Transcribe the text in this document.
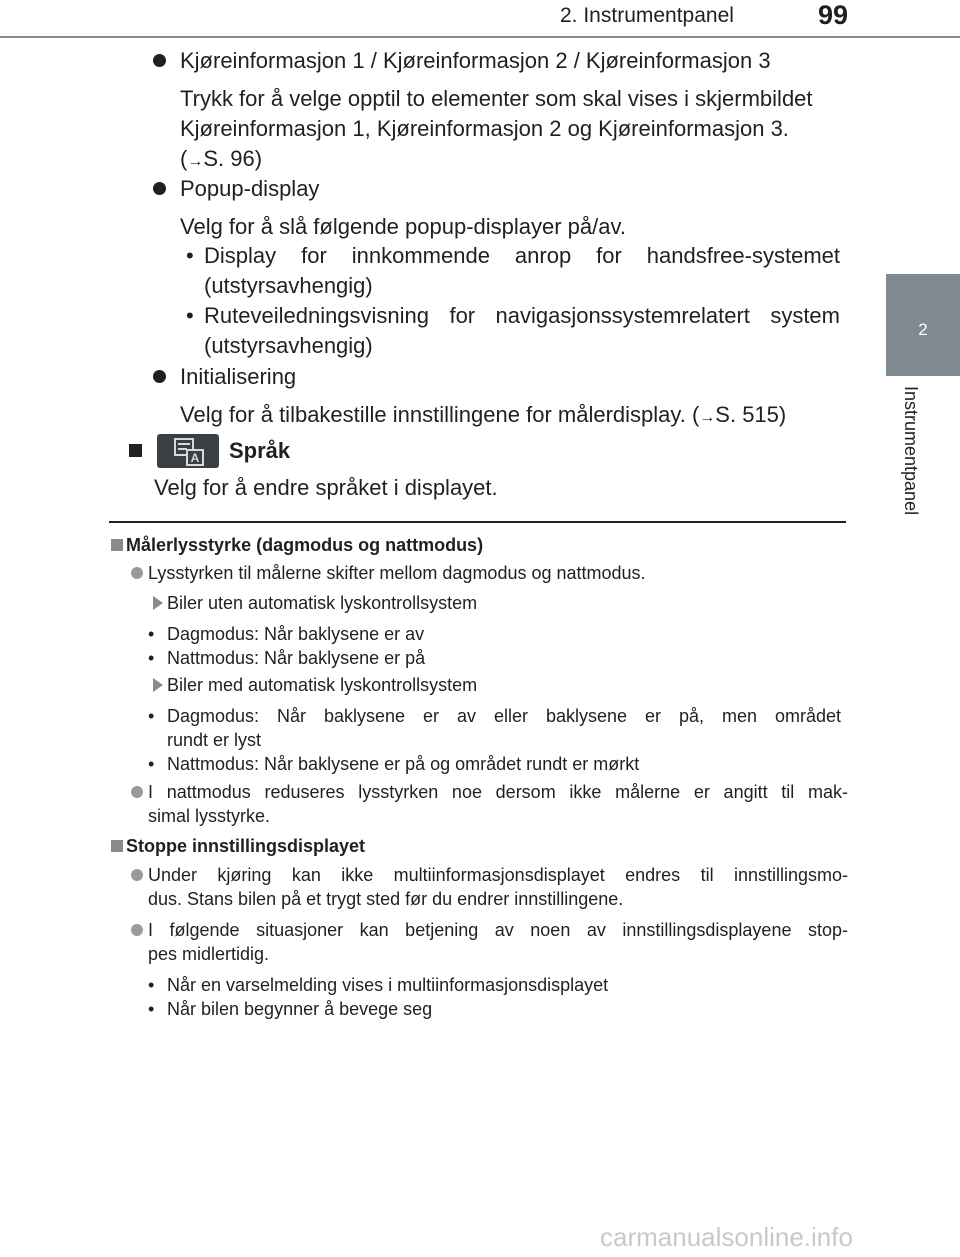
2. Instrumentpanel	99
2
Instrumentpanel
Kjøreinformasjon 1 / Kjøreinformasjon 2 / Kjøreinformasjon 3
Trykk for å velge opptil to elementer som skal vises i skjermbildet
Kjøreinformasjon 1, Kjøreinformasjon 2 og Kjøreinformasjon 3.
(→S. 96)
Popup-display
Velg for å slå følgende popup-displayer på/av.
• Display for innkommende anrop for handsfree-systemet
(utstyrsavhengig)
• Ruteveiledningsvisning for navigasjonssystemrelatert system
(utstyrsavhengig)
Initialisering
Velg for å tilbakestille innstillingene for målerdisplay. (→S. 515)
A Språk
Velg for å endre språket i displayet.
Målerlysstyrke (dagmodus og nattmodus)
Lysstyrken til målerne skifter mellom dagmodus og nattmodus.
Biler uten automatisk lyskontrollsystem
• Dagmodus: Når baklysene er av
• Nattmodus: Når baklysene er på
Biler med automatisk lyskontrollsystem
• Dagmodus: Når baklysene er av eller baklysene er på, men området
rundt er lyst
• Nattmodus: Når baklysene er på og området rundt er mørkt
I nattmodus reduseres lysstyrken noe dersom ikke målerne er angitt til mak-
simal lysstyrke.
Stoppe innstillingsdisplayet
Under kjøring kan ikke multiinformasjonsdisplayet endres til innstillingsmo-
dus. Stans bilen på et trygt sted før du endrer innstillingene.
I følgende situasjoner kan betjening av noen av innstillingsdisplayene stop-
pes midlertidig.
• Når en varselmelding vises i multiinformasjonsdisplayet
• Når bilen begynner å bevege seg
carmanualsonline.info
